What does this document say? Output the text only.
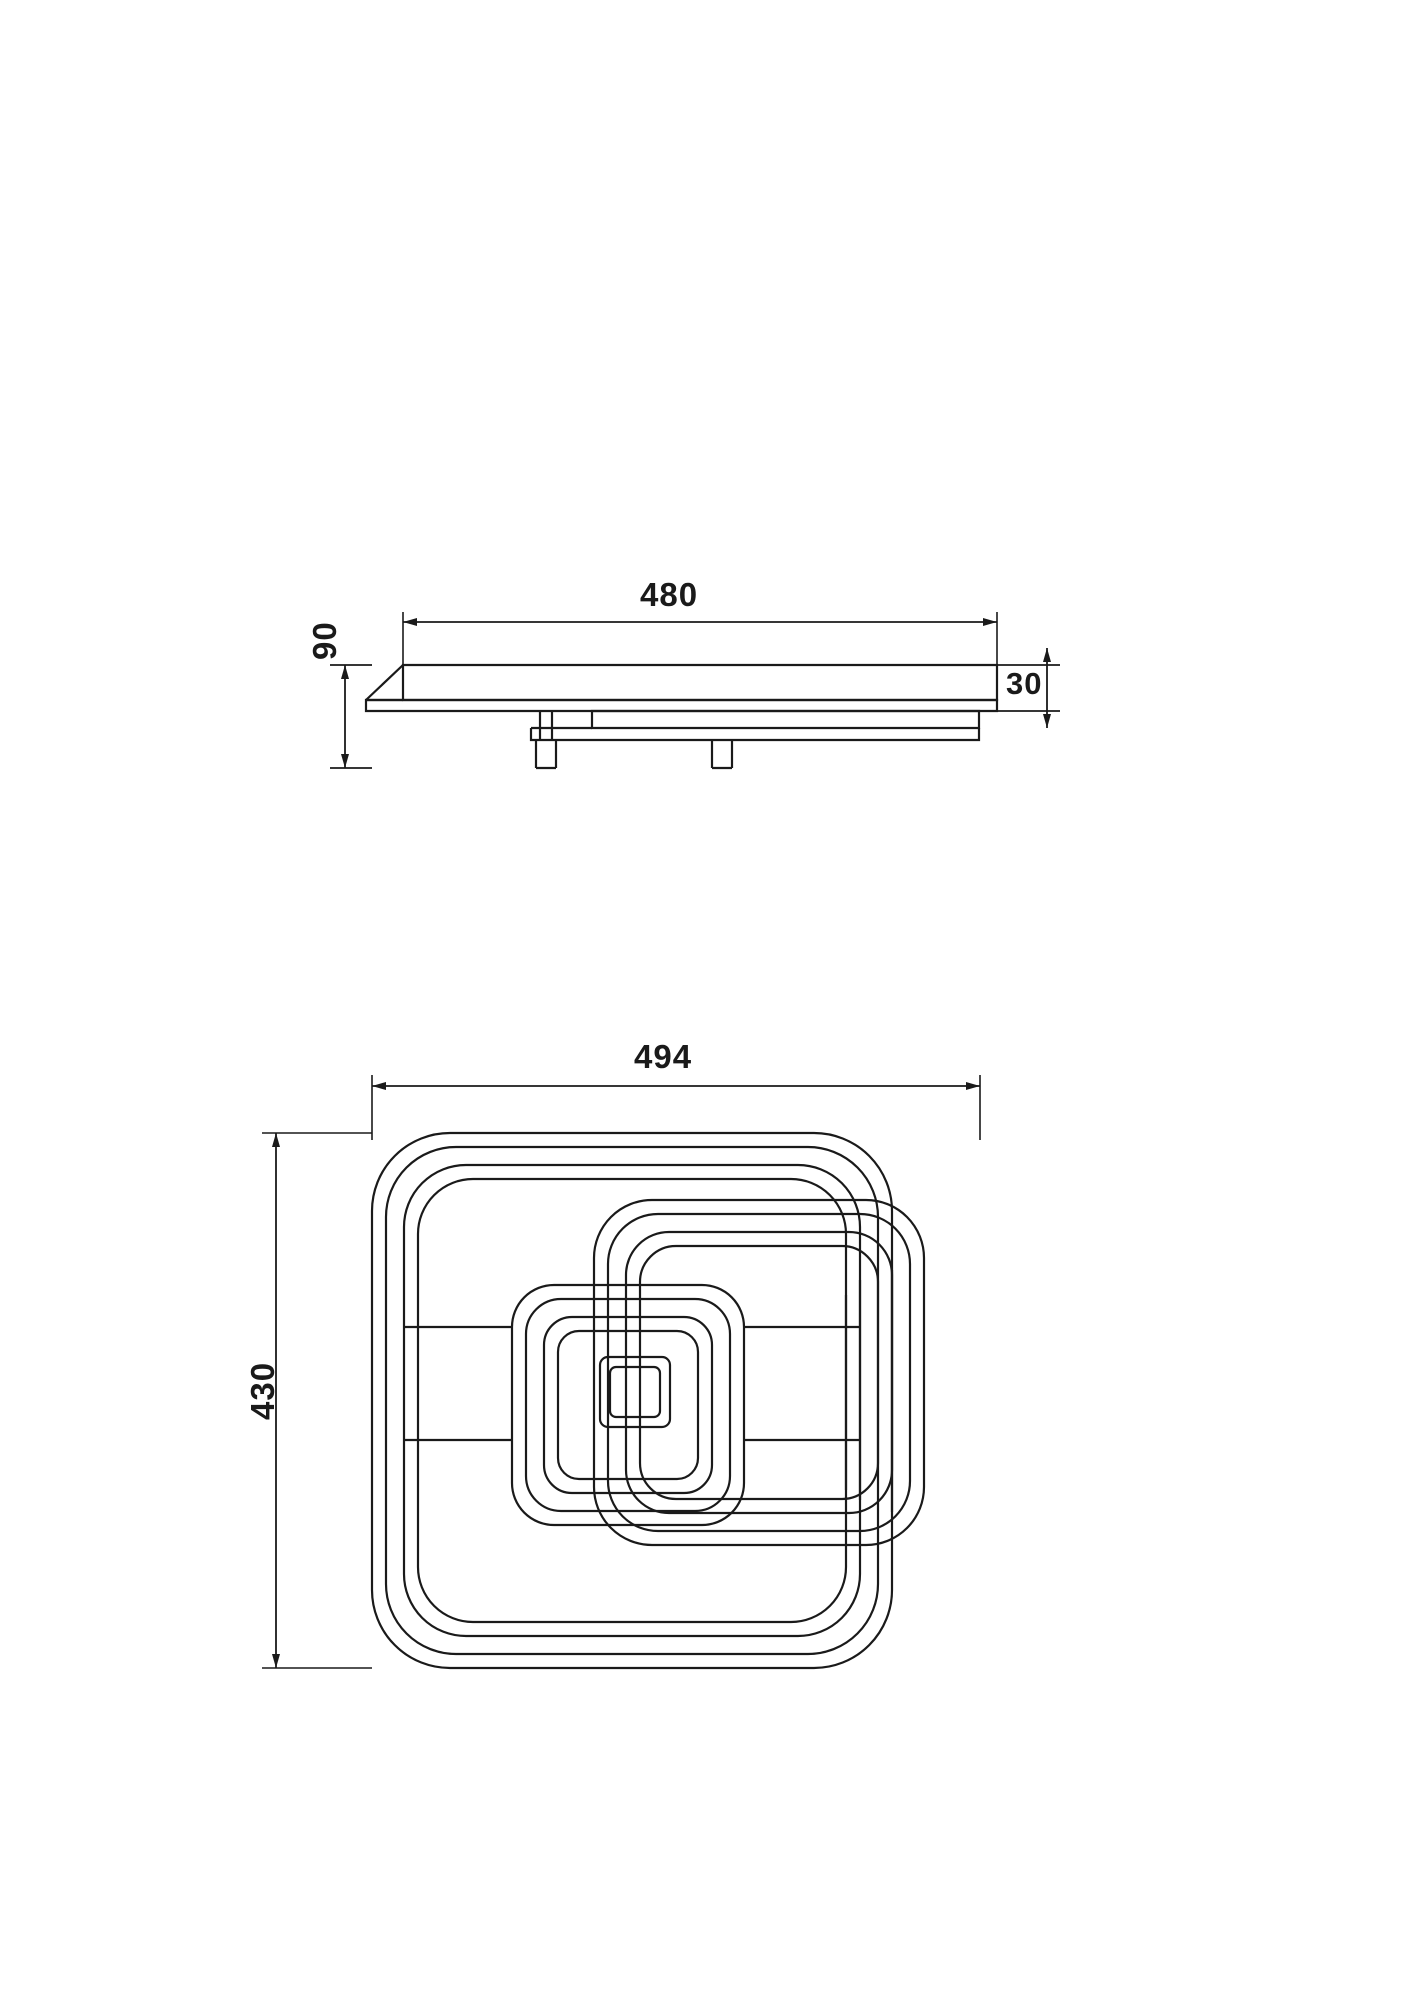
480
30
90
494
430
